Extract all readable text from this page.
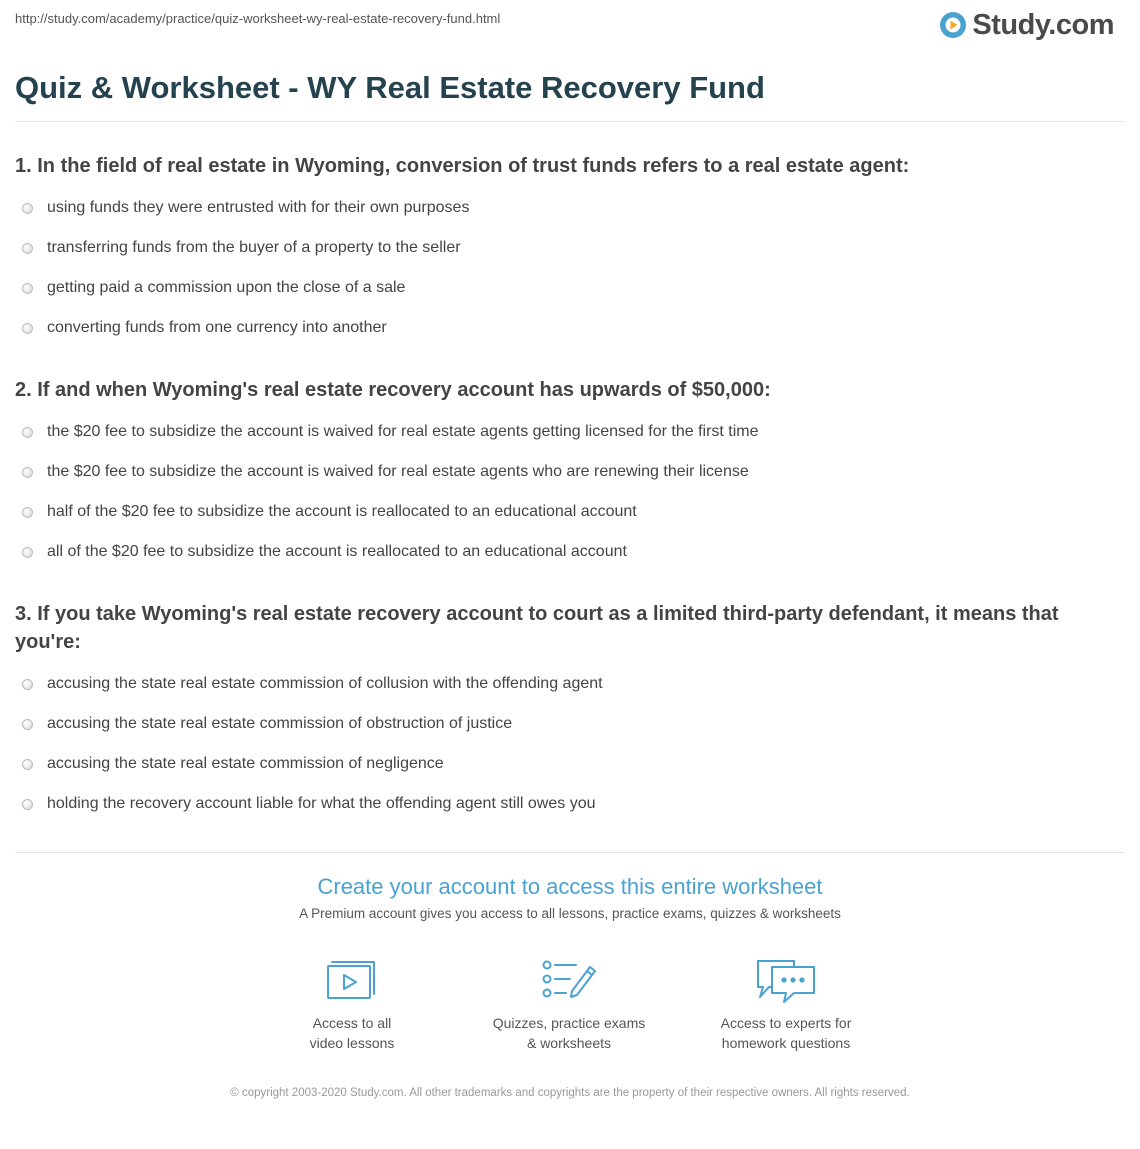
http://study.com/academy/practice/quiz-worksheet-wy-real-estate-recovery-fund.html	Study.com
Quiz & Worksheet - WY Real Estate Recovery Fund
1. In the field of real estate in Wyoming, conversion of trust funds refers to a real estate agent:
using funds they were entrusted with for their own purposes
transferring funds from the buyer of a property to the seller
getting paid a commission upon the close of a sale
converting funds from one currency into another
2. If and when Wyoming's real estate recovery account has upwards of $50,000:
the $20 fee to subsidize the account is waived for real estate agents getting licensed for the first time
the $20 fee to subsidize the account is waived for real estate agents who are renewing their license
half of the $20 fee to subsidize the account is reallocated to an educational account
all of the $20 fee to subsidize the account is reallocated to an educational account
3. If you take Wyoming's real estate recovery account to court as a limited third-party defendant, it means that you're:
accusing the state real estate commission of collusion with the offending agent
accusing the state real estate commission of obstruction of justice
accusing the state real estate commission of negligence
holding the recovery account liable for what the offending agent still owes you
Create your account to access this entire worksheet
A Premium account gives you access to all lessons, practice exams, quizzes & worksheets
Access to all
video lessons
Quizzes, practice exams
& worksheets
Access to experts for
homework questions
© copyright 2003-2020 Study.com. All other trademarks and copyrights are the property of their respective owners. All rights reserved.
